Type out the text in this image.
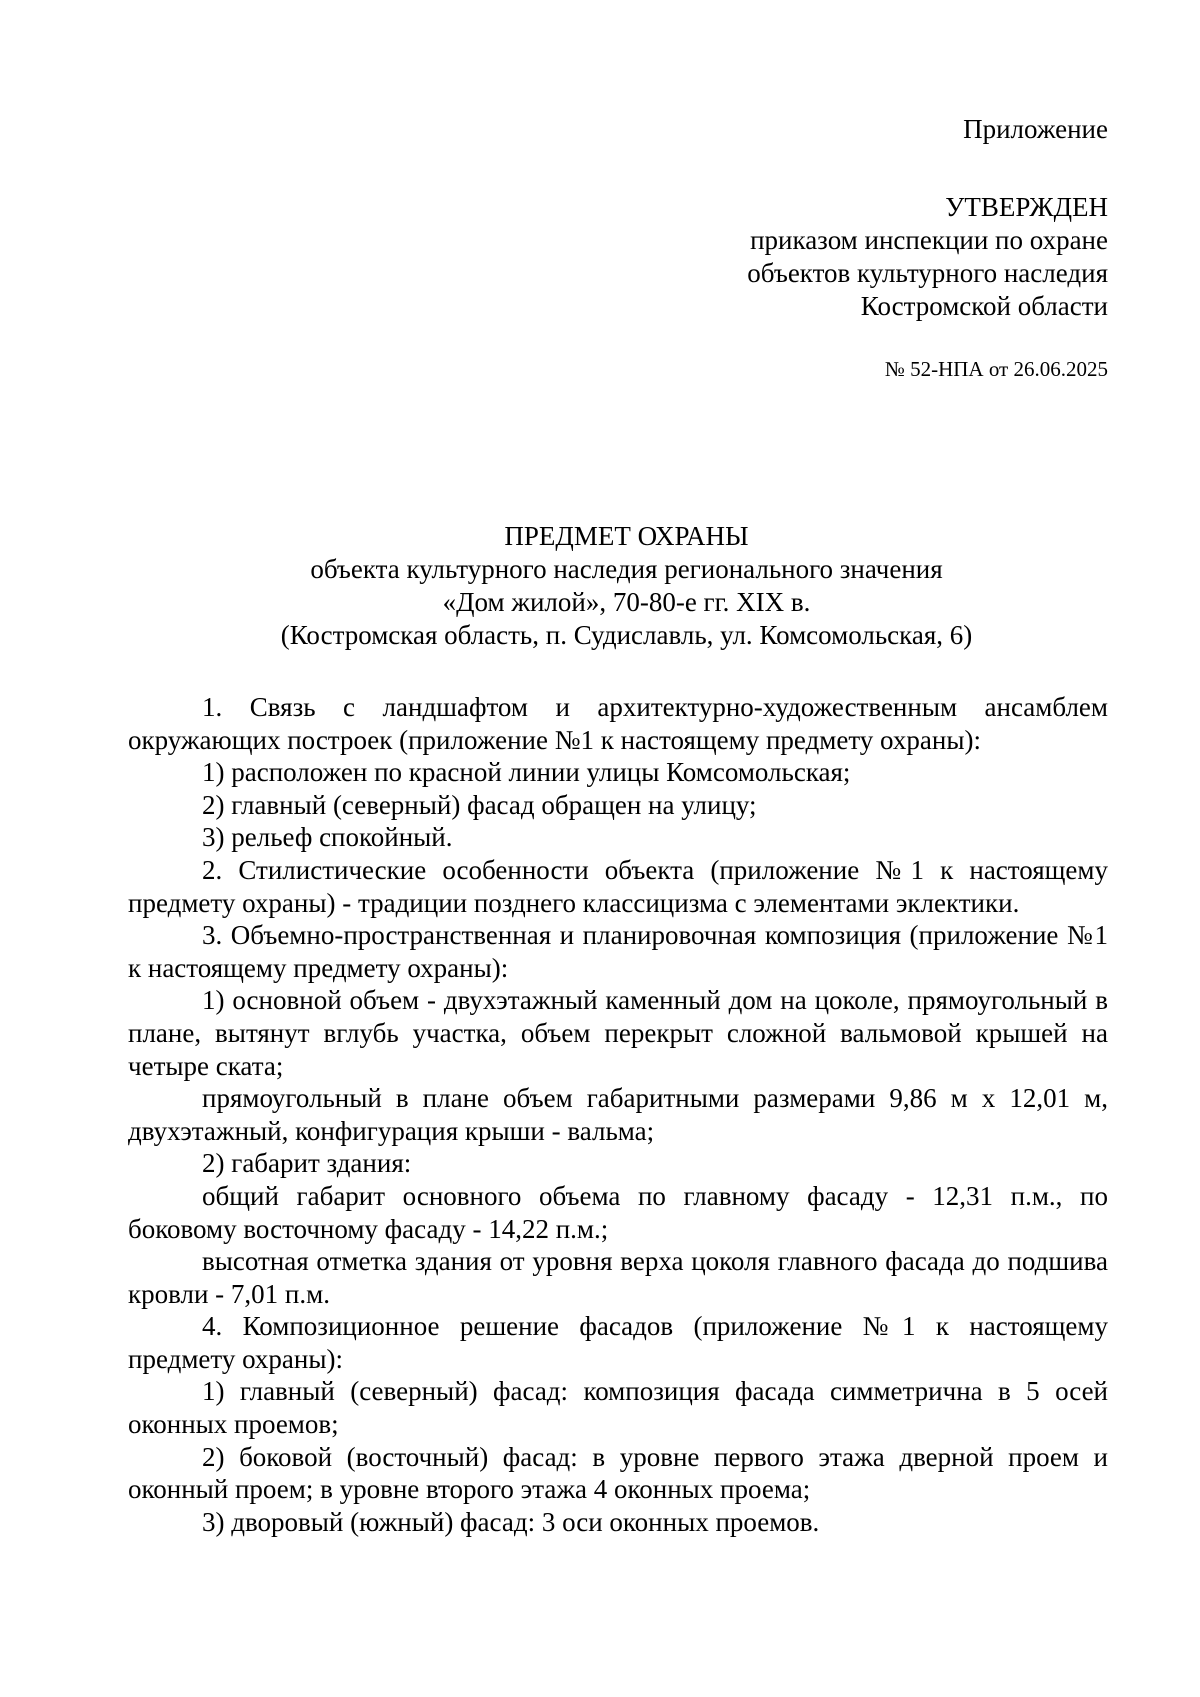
Приложение
УТВЕРЖДЕН
приказом инспекции по охране
объектов культурного наследия
Костромской области
№ 52-НПА от 26.06.2025
ПРЕДМЕТ ОХРАНЫ
объекта культурного наследия регионального значения
«Дом жилой», 70-80-е гг. XIX в.
(Костромская область, п. Судиславль, ул. Комсомольская, 6)

1. Связь с ландшафтом и архитектурно-художественным ансамблем окружающих построек (приложение №1 к настоящему предмету охраны):

1) расположен по красной линии улицы Комсомольская;

2) главный (северный) фасад обращен на улицу;

3) рельеф спокойный.

2. Стилистические особенности объекта (приложение №1 к настоящему предмету охраны) - традиции позднего классицизма с элементами эклектики.

3. Объемно-пространственная и планировочная композиция (приложение №1 к настоящему предмету охраны):

1) основной объем - двухэтажный каменный дом на цоколе, прямоугольный в плане, вытянут вглубь участка, объем перекрыт сложной вальмовой крышей на четыре ската;

прямоугольный в плане объем габаритными размерами 9,86 м х 12,01 м, двухэтажный, конфигурация крыши - вальма;

2) габарит здания:

общий габарит основного объема по главному фасаду - 12,31 п.м., по боковому восточному фасаду - 14,22 п.м.;

высотная отметка здания от уровня верха цоколя главного фасада до подшива кровли - 7,01 п.м.

4. Композиционное решение фасадов (приложение №1 к настоящему предмету охраны):

1) главный (северный) фасад: композиция фасада симметрична в 5 осей оконных проемов;

2) боковой (восточный) фасад: в уровне первого этажа дверной проем и оконный проем; в уровне второго этажа 4 оконных проема;

3) дворовый (южный) фасад: 3 оси оконных проемов.
